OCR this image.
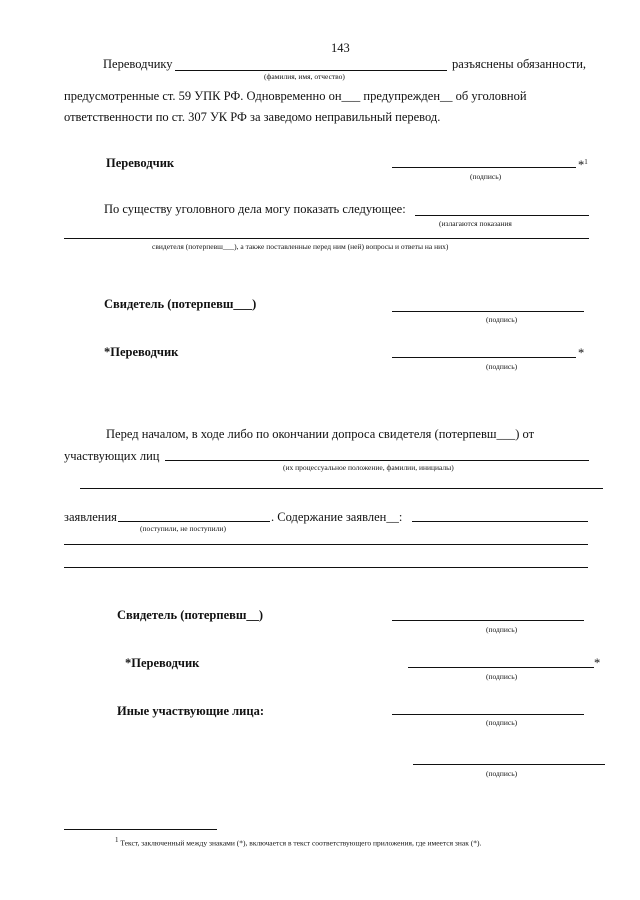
143
Переводчику	разъяснены обязанности,
(фамилия, имя, отчество)
предусмотренные ст. 59 УПК РФ. Одновременно он___ предупрежден__ об уголовной
ответственности по ст. 307 УК РФ за заведомо неправильный перевод.
Переводчик	*$^1$
(подпись)
По существу уголовного дела могу показать следующее:
(излагаются показания
свидетеля (потерпевш___), а также поставленные перед ним (ней) вопросы и ответы на них)
Свидетель (потерпевш___)
(подпись)
*Переводчик	*
(подпись)
Перед началом, в ходе либо по окончании допроса свидетеля (потерпевш___) от
участвующих лиц
(их процессуальное положение, фамилии, инициалы)
заявления	. Содержание заявлен__:
(поступили, не поступили)
Свидетель (потерпевш__)
(подпись)
*Переводчик	*
(подпись)
Иные участвующие лица:
(подпись)
(подпись)
$^1$ Текст, заключенный между знаками (*), включается в текст соответствующего приложения, где имеется знак (*).
